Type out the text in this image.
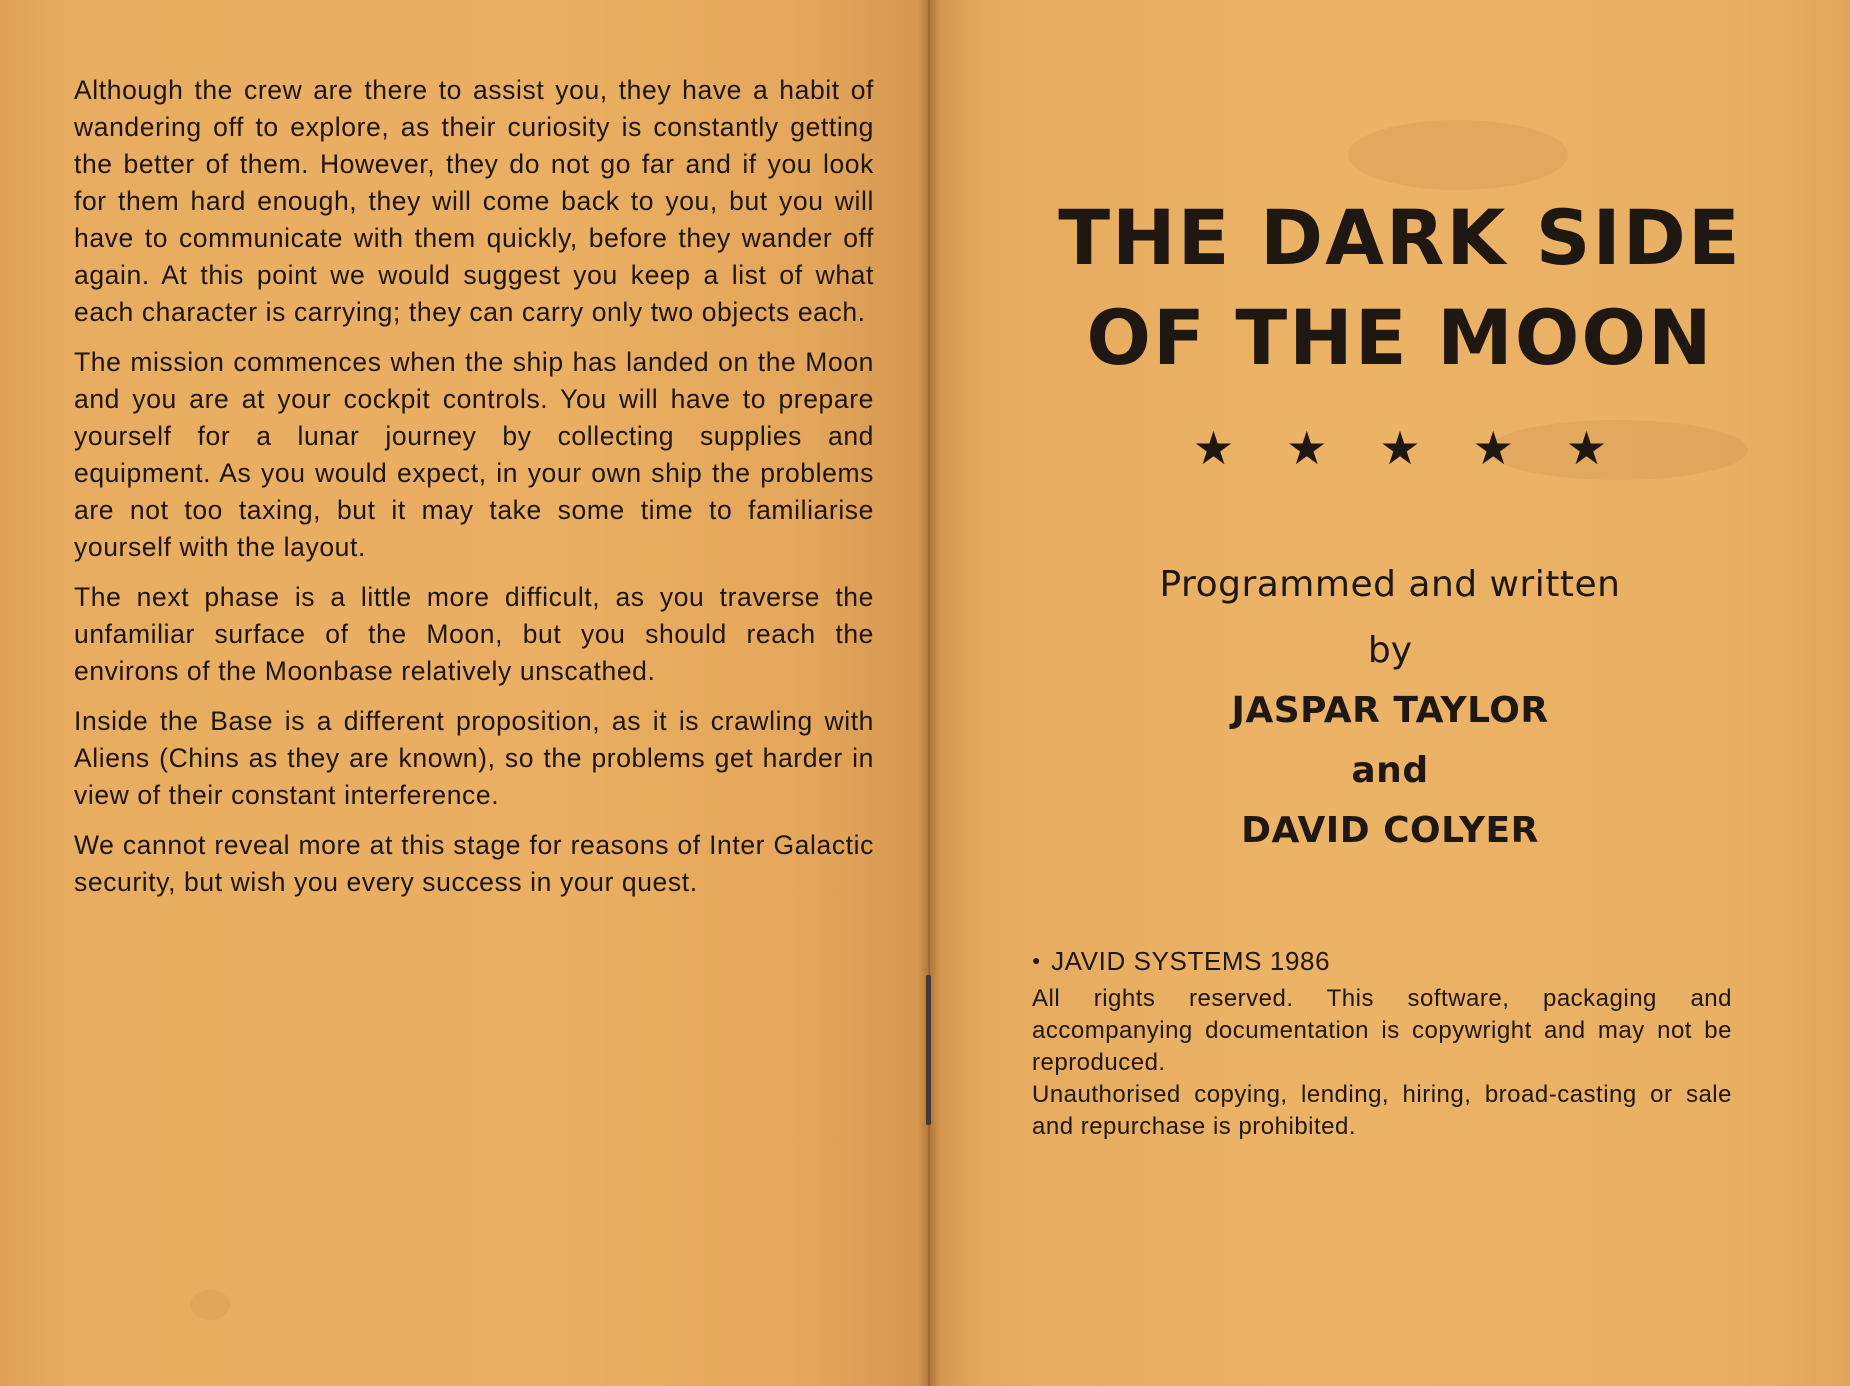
Although the crew are there to assist you, they have a habit of wandering off to explore, as their curiosity is constantly getting the better of them. However, they do not go far and if you look for them hard enough, they will come back to you, but you will have to communicate with them quickly, before they wander off again. At this point we would suggest you keep a list of what each character is carrying; they can carry only two objects each.

The mission commences when the ship has landed on the Moon and you are at your cockpit controls. You will have to prepare yourself for a lunar journey by collecting supplies and equipment. As you would expect, in your own ship the problems are not too taxing, but it may take some time to familiarise yourself with the layout.

The next phase is a little more difficult, as you traverse the unfamiliar surface of the Moon, but you should reach the environs of the Moonbase relatively unscathed.

Inside the Base is a different proposition, as it is crawling with Aliens (Chins as they are known), so the problems get harder in view of their constant interference.

We cannot reveal more at this stage for reasons of Inter Galactic security, but wish you every success in your quest.

THE DARK SIDE
OF THE MOON
★★★★★
Programmed and written
by
JASPAR TAYLOR
and
DAVID COLYER
● JAVID SYSTEMS 1986

All rights reserved. This software, packaging and accompanying documentation is copywright and may not be reproduced.

Unauthorised copying, lending, hiring, broad-casting or sale and repurchase is prohibited.
